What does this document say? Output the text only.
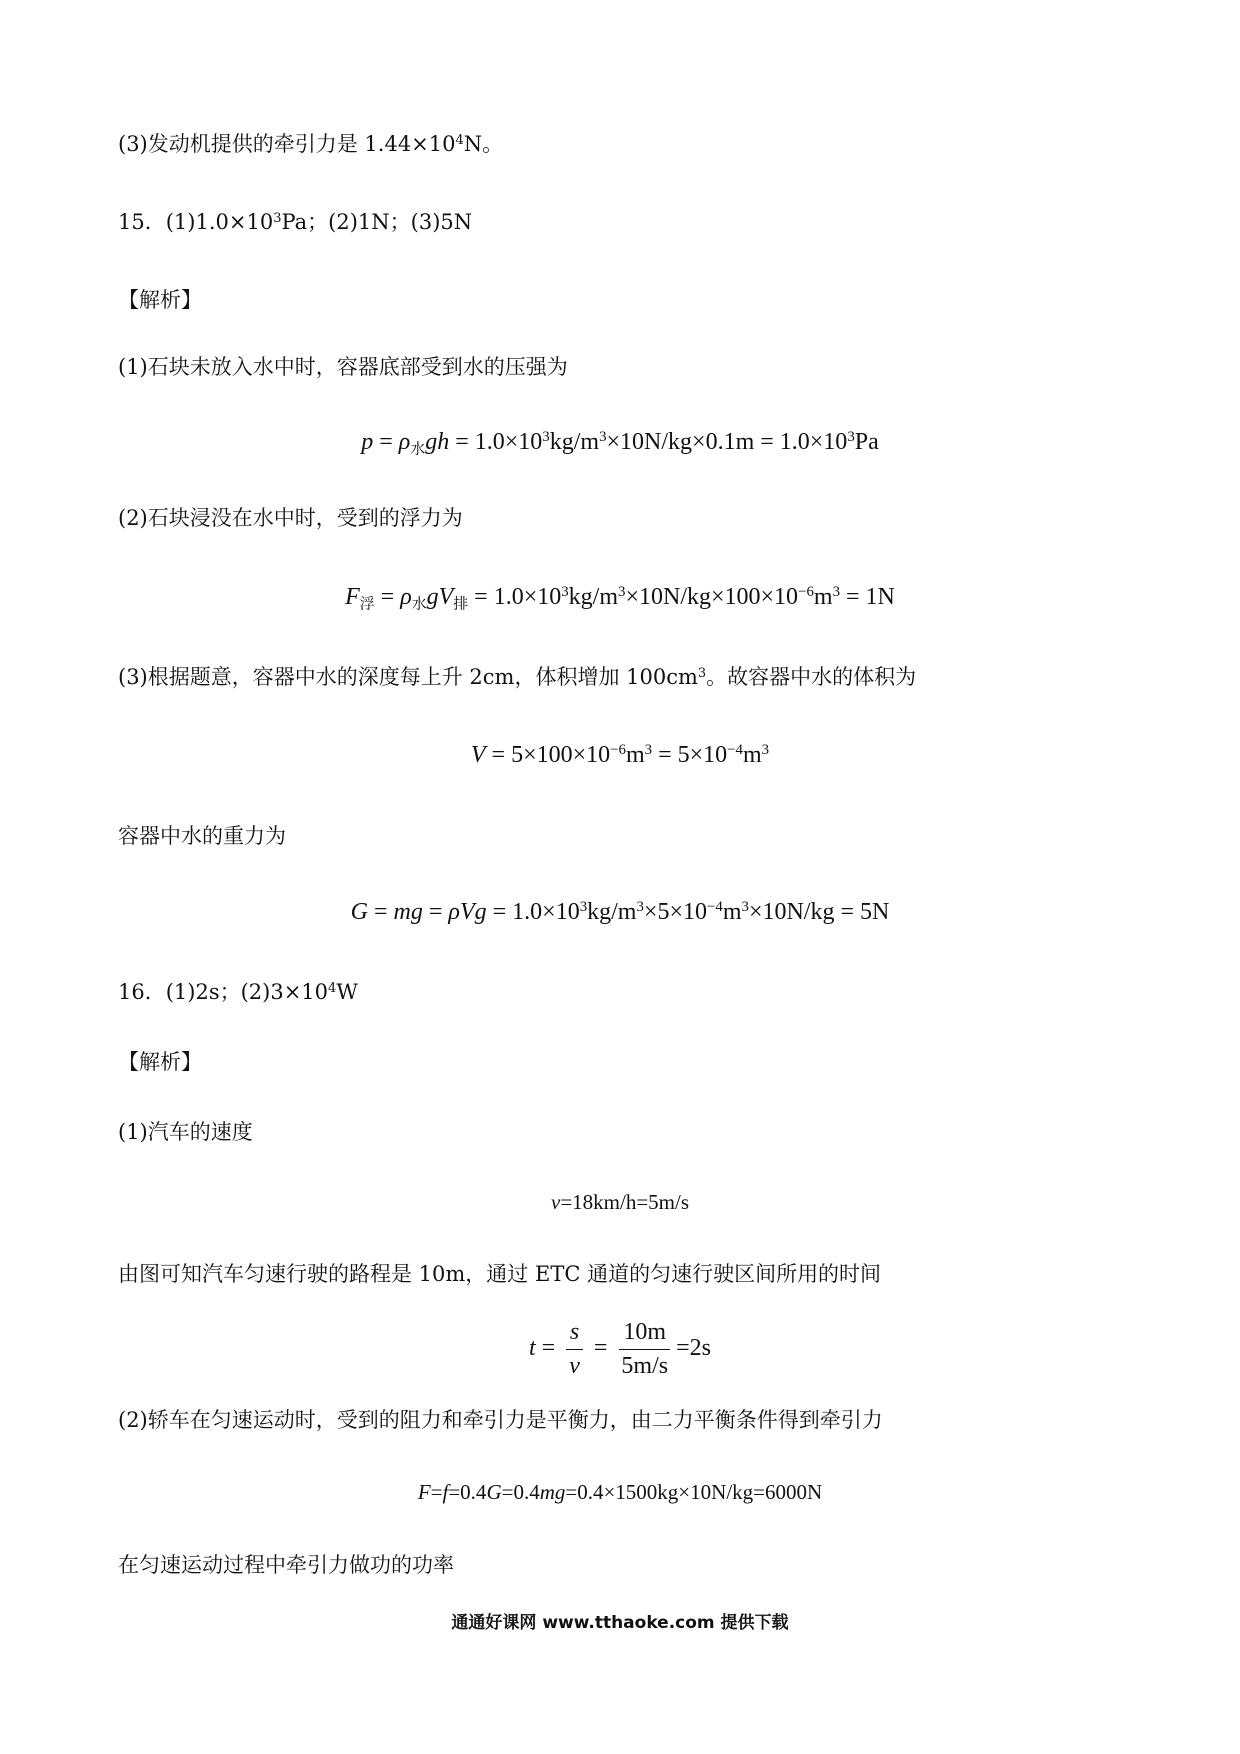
(3)发动机提供的牵引力是 $1.44\times 10^4N$。
15．$(1)1.0\times 10^3Pa$；(2)1N；(3)5N
【解析】
(1)石块未放入水中时，容器底部受到水的压强为
$p = \rho_水gh = 1.0\times 10^3kg/m^3\times 10N/kg\times 0.1m = 1.0\times 10^3Pa$
(2)石块浸没在水中时，受到的浮力为
$F_浮 = \rho_水gV_排 = 1.0\times 10^3kg/m^3\times 10N/kg\times 100\times 10^{-6}m^3 = 1N$
(3)根据题意，容器中水的深度每上升 2cm，体积增加 $100cm^3$。故容器中水的体积为
$V = 5\times 100\times 10^{-6}m^3 = 5\times 10^{-4}m^3$
容器中水的重力为
G = mg = $\rho Vg = 1.0\times 10^3kg/m^3\times 5\times 10^{-4}m^3\times 10N/kg = 5N$
16．(1)2s；$(2)3\times 10^4W$
【解析】
(1)汽车的速度
v=18km/h=5m/s
由图可知汽车匀速行驶的路程是 10m，通过 ETC 通道的匀速行驶区间所用的时间
$t = \frac{s}{v} = \frac{10m}{5m/s} =2s$
(2)轿车在匀速运动时，受到的阻力和牵引力是平衡力，由二力平衡条件得到牵引力
F=f=0.4G=0.4mg=0.4×1500kg×10N/kg=6000N
在匀速运动过程中牵引力做功的功率
通通好课网 www.tthaoke.com 提供下载
